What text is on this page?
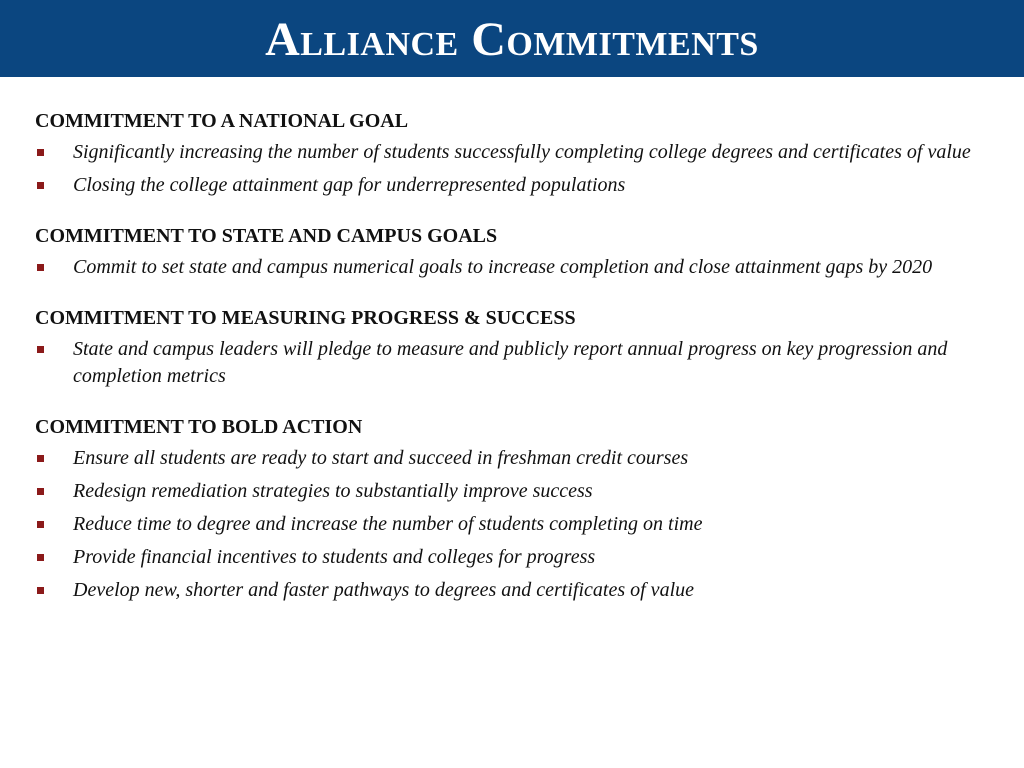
Alliance Commitments
COMMITMENT TO A NATIONAL GOAL
Significantly increasing the number of students successfully completing college degrees and certificates of value
Closing the college attainment gap for underrepresented populations
COMMITMENT TO STATE AND CAMPUS GOALS
Commit to set state and campus numerical goals to increase completion and close attainment gaps by 2020
COMMITMENT TO MEASURING PROGRESS & SUCCESS
State and campus leaders will pledge to measure and publicly report annual progress on key progression and completion metrics
COMMITMENT TO BOLD ACTION
Ensure all students are ready to start and succeed in freshman credit courses
Redesign remediation strategies to substantially improve success
Reduce time to degree and increase the number of students completing on time
Provide financial incentives to students and colleges for progress
Develop new, shorter and faster pathways to degrees and certificates of value
